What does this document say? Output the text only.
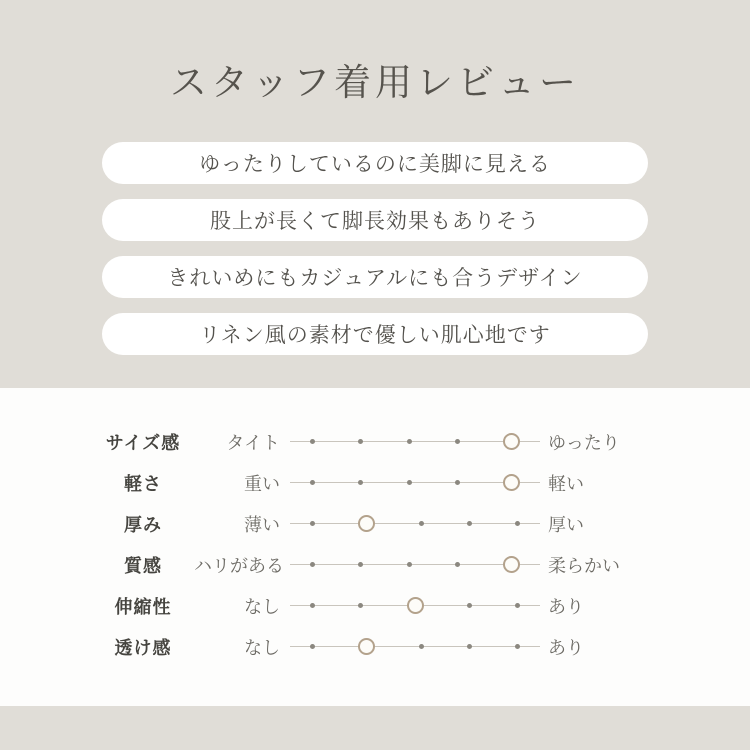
スタッフ着用レビュー
ゆったりしているのに美脚に見える
股上が長くて脚長効果もありそう
きれいめにもカジュアルにも合うデザイン
リネン風の素材で優しい肌心地です
サイズ感	タイト	ゆったり
軽さ	重い	軽い
厚み	薄い	厚い
質感	ハリがある	柔らかい
伸縮性	なし	あり
透け感	なし	あり
